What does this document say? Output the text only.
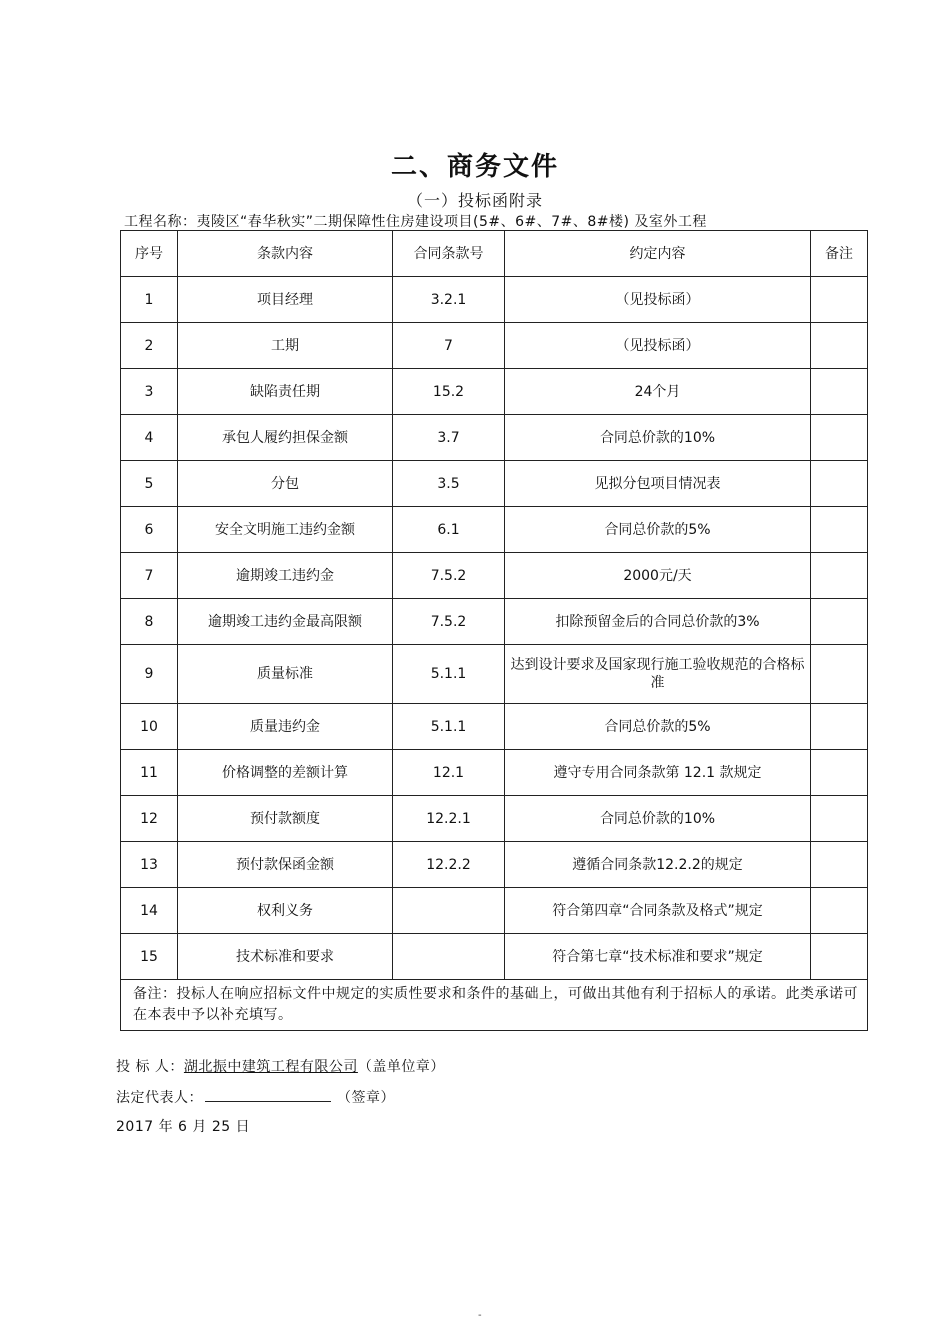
二、商务文件
（一）投标函附录
工程名称：夷陵区“春华秋实”二期保障性住房建设项目(5#、6#、7#、8#楼) 及室外工程
序号	条款内容	合同条款号	约定内容	备注
1	项目经理	3.2.1	（见投标函）	
2	工期	7	（见投标函）	
3	缺陷责任期	15.2	24个月	
4	承包人履约担保金额	3.7	合同总价款的10%	
5	分包	3.5	见拟分包项目情况表	
6	安全文明施工违约金额	6.1	合同总价款的5%	
7	逾期竣工违约金	7.5.2	2000元/天	
8	逾期竣工违约金最高限额	7.5.2	扣除预留金后的合同总价款的3%	
9	质量标准	5.1.1	达到设计要求及国家现行施工验收规范的合格标准	
10	质量违约金	5.1.1	合同总价款的5%	
11	价格调整的差额计算	12.1	遵守专用合同条款第 12.1 款规定	
12	预付款额度	12.2.1	合同总价款的10%	
13	预付款保函金额	12.2.2	遵循合同条款12.2.2的规定	
14	权利义务		符合第四章“合同条款及格式”规定	
15	技术标准和要求		符合第七章“技术标准和要求”规定	
备注：投标人在响应招标文件中规定的实质性要求和条件的基础上，可做出其他有利于招标人的承诺。此类承诺可在本表中予以补充填写。				
投 标 人：湖北振中建筑工程有限公司（盖单位章）
法定代表人：	（签章）
2017 年 6 月 25 日
-
